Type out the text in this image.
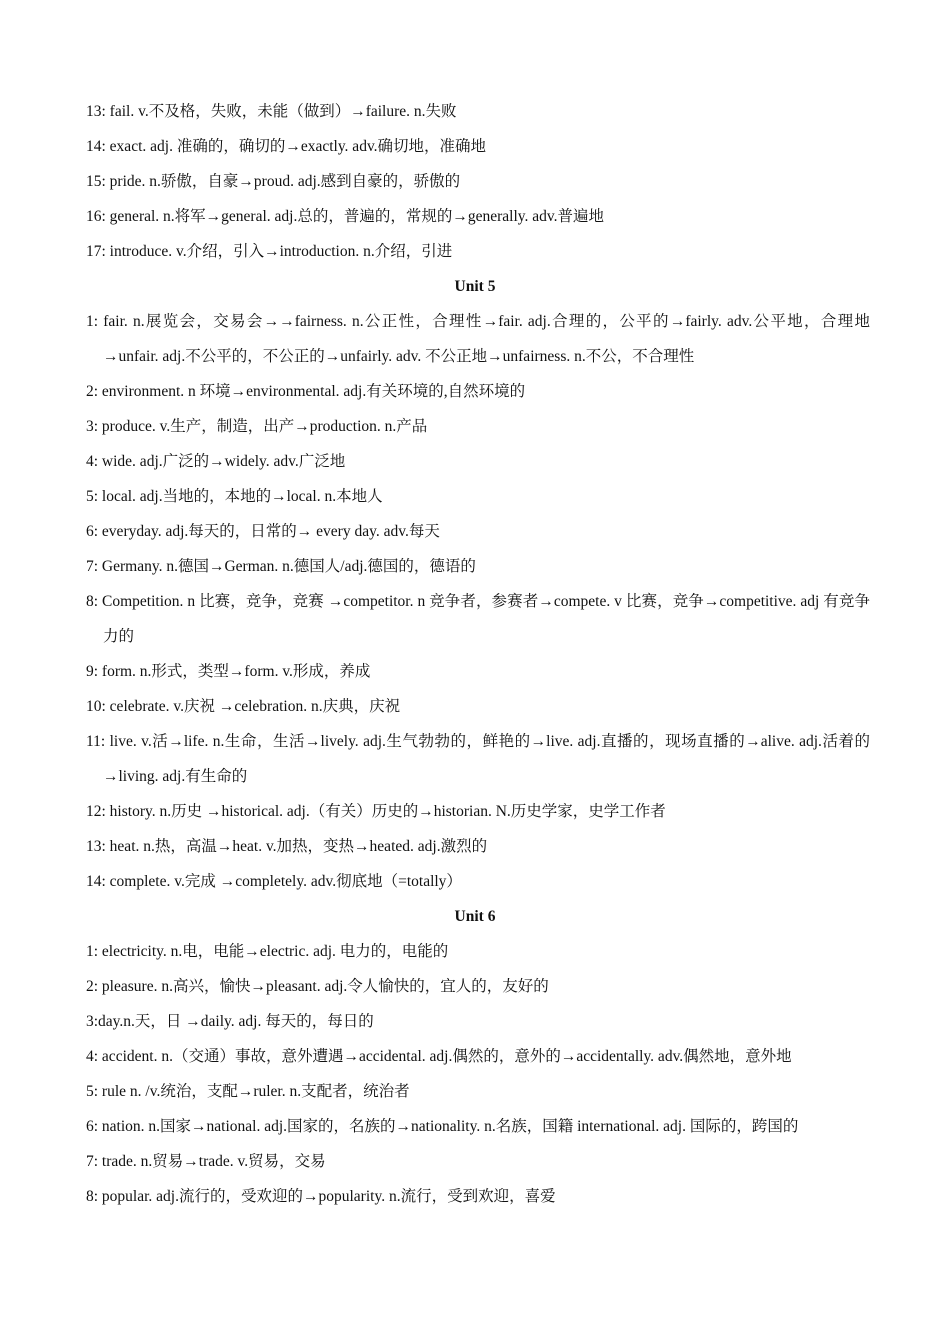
13: fail. v.不及格，失败，未能（做到）→failure. n.失败

14: exact. adj. 准确的，确切的→exactly. adv.确切地，准确地

15: pride. n.骄傲，自豪→proud. adj.感到自豪的，骄傲的

16: general. n.将军→general. adj.总的，普遍的，常规的→generally. adv.普遍地

17: introduce. v.介绍，引入→introduction. n.介绍，引进

Unit 5

1: fair. n.展览会，交易会→→fairness. n.公正性，合理性→fair. adj.合理的，公平的→fairly. adv.公平地，合理地→unfair. adj.不公平的，不公正的→unfairly. adv. 不公正地→unfairness. n.不公，不合理性

2: environment. n 环境→environmental. adj.有关环境的,自然环境的

3: produce. v.生产，制造，出产→production. n.产品

4: wide. adj.广泛的→widely. adv.广泛地

5: local. adj.当地的，本地的→local. n.本地人

6: everyday. adj.每天的，日常的→ every day. adv.每天

7: Germany. n.德国→German. n.德国人/adj.德国的，德语的

8: Competition. n 比赛，竞争，竞赛 →competitor. n 竞争者，参赛者→compete. v 比赛，竞争→competitive. adj 有竞争力的

9: form. n.形式，类型→form. v.形成，养成

10: celebrate. v.庆祝 →celebration. n.庆典，庆祝

11: live. v.活→life. n.生命，生活→lively. adj.生气勃勃的，鲜艳的→live. adj.直播的，现场直播的→alive. adj.活着的→living. adj.有生命的

12: history. n.历史 →historical. adj.（有关）历史的→historian. N.历史学家，史学工作者

13: heat. n.热，高温→heat. v.加热，变热→heated. adj.激烈的

14: complete. v.完成 →completely. adv.彻底地（=totally）

Unit 6

1: electricity. n.电，电能→electric. adj. 电力的，电能的

2: pleasure. n.高兴，愉快→pleasant. adj.令人愉快的，宜人的，友好的

3:day.n.天，日 →daily. adj. 每天的，每日的

4: accident. n.（交通）事故，意外遭遇→accidental. adj.偶然的，意外的→accidentally. adv.偶然地，意外地

5: rule n. /v.统治，支配→ruler. n.支配者，统治者

6: nation. n.国家→national. adj.国家的，名族的→nationality. n.名族，国籍 international. adj. 国际的，跨国的

7: trade. n.贸易→trade. v.贸易，交易

8: popular. adj.流行的，受欢迎的→popularity. n.流行，受到欢迎，喜爱
